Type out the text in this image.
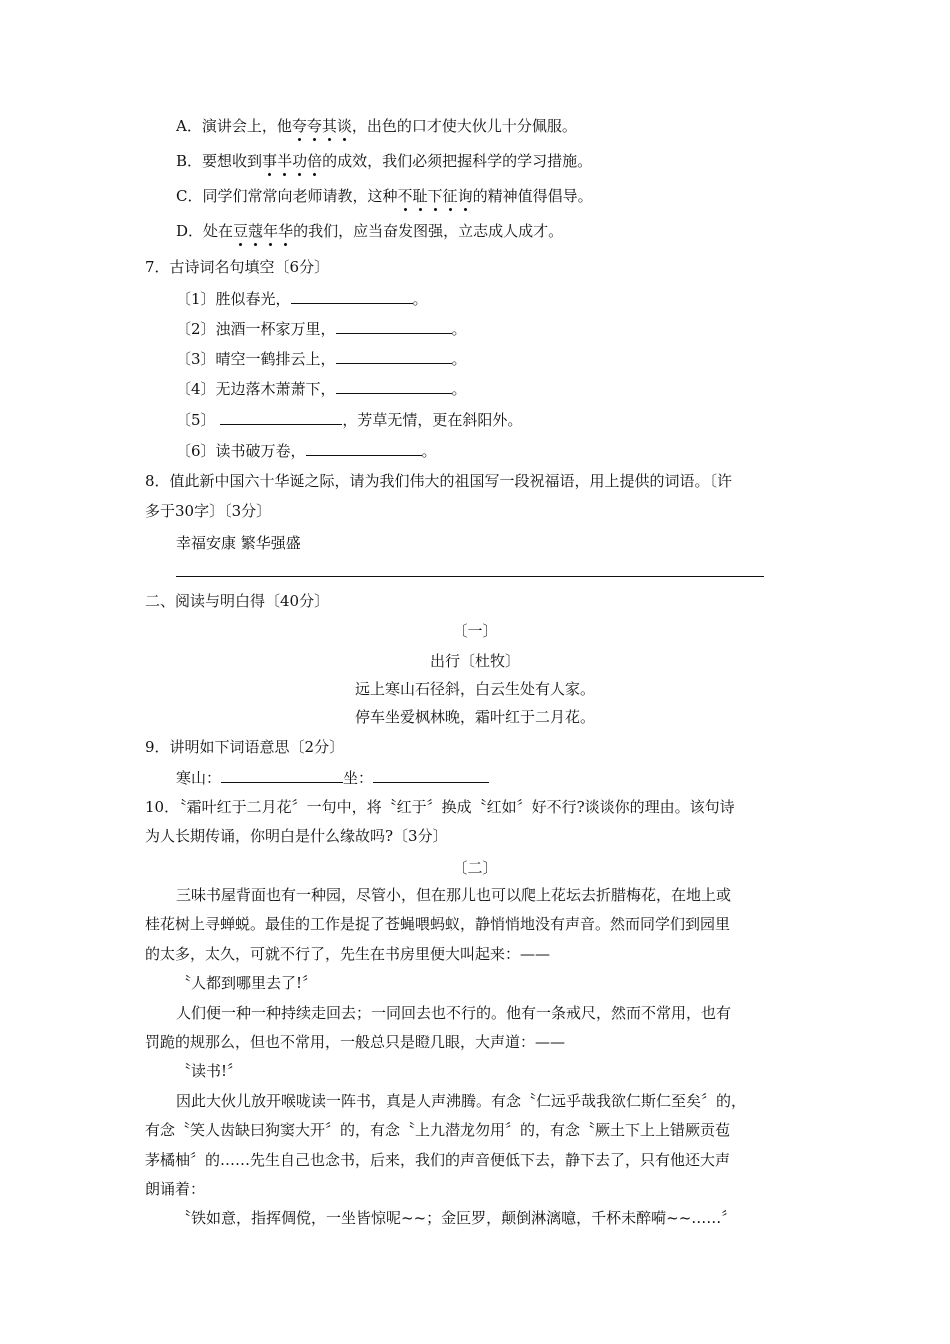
A．演讲会上，他夸夸其谈，出色的口才使大伙儿十分佩服。
B．要想收到事半功倍的成效，我们必须把握科学的学习措施。
C．同学们常常向老师请教，这种不耻下征询的精神值得倡导。
D．处在豆蔻年华的我们，应当奋发图强，立志成人成才。
7．古诗词名句填空〔6分〕
〔1〕胜似春光，	。
〔2〕浊酒一杯家万里，	。
〔3〕晴空一鹤排云上，	。
〔4〕无边落木萧萧下，	。
〔5〕	，芳草无情，更在斜阳外。
〔6〕读书破万卷，	。
8．值此新中国六十华诞之际，请为我们伟大的祖国写一段祝福语，用上提供的词语。〔许
多于30字〕〔3分〕
幸福安康 繁华强盛
二、阅读与明白得〔40分〕
〔一〕
出行〔杜牧〕
远上寒山石径斜，白云生处有人家。
停车坐爱枫林晚，霜叶红于二月花。
9．讲明如下词语意思〔2分〕
寒山：	坐：
10．〝霜叶红于二月花〞一句中，将〝红于〞换成〝红如〞好不行?谈谈你的理由。该句诗
为人长期传诵，你明白是什么缘故吗?〔3分〕
〔二〕
三味书屋背面也有一种园，尽管小，但在那儿也可以爬上花坛去折腊梅花，在地上或
桂花树上寻蝉蜕。最佳的工作是捉了苍蝇喂蚂蚁，静悄悄地没有声音。然而同学们到园里
的太多，太久，可就不行了，先生在书房里便大叫起来：——
〝人都到哪里去了!〞
人们便一种一种持续走回去；一同回去也不行的。他有一条戒尺，然而不常用，也有
罚跪的规那么，但也不常用，一般总只是瞪几眼，大声道：——
〝读书!〞
因此大伙儿放开喉咙读一阵书，真是人声沸腾。有念〝仁远乎哉我欲仁斯仁至矣〞的，
有念〝笑人齿缺曰狗窦大开〞的，有念〝上九潜龙勿用〞的，有念〝厥土下上上错厥贡苞
茅橘柚〞的……先生自己也念书，后来，我们的声音便低下去，静下去了，只有他还大声
朗诵着：
〝铁如意，指挥倜傥，一坐皆惊呢~~；金叵罗，颠倒淋漓噫，千杯未醉嗬~~……〞
